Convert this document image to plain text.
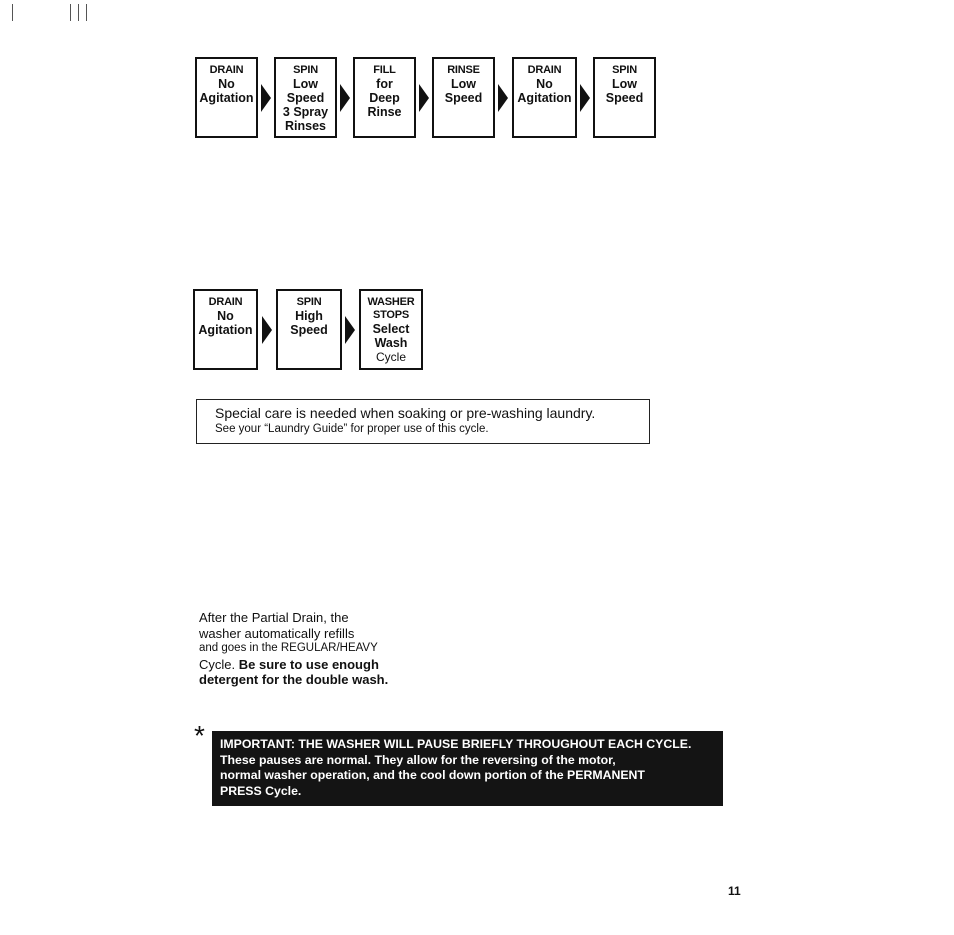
DRAIN
No
Agitation
SPIN
Low
Speed
3 Spray
Rinses
FILL
for
Deep
Rinse
RINSE
Low
Speed
DRAIN
No
Agitation
SPIN
Low
Speed
DRAIN
No
Agitation
SPIN
High
Speed
WASHER
STOPS
Select
Wash
Cycle
Special care is needed when soaking or pre-washing laundry.
See your “Laundry Guide” for proper use of this cycle.
After the Partial Drain, the
washer automatically refills
and goes in the REGULAR/HEAVY
Cycle. Be sure to use enough
detergent for the double wash.
* IMPORTANT: THE WASHER WILL PAUSE BRIEFLY THROUGHOUT EACH CYCLE.
These pauses are normal. They allow for the reversing of the motor,
normal washer operation, and the cool down portion of the PERMANENT
PRESS Cycle.
11
